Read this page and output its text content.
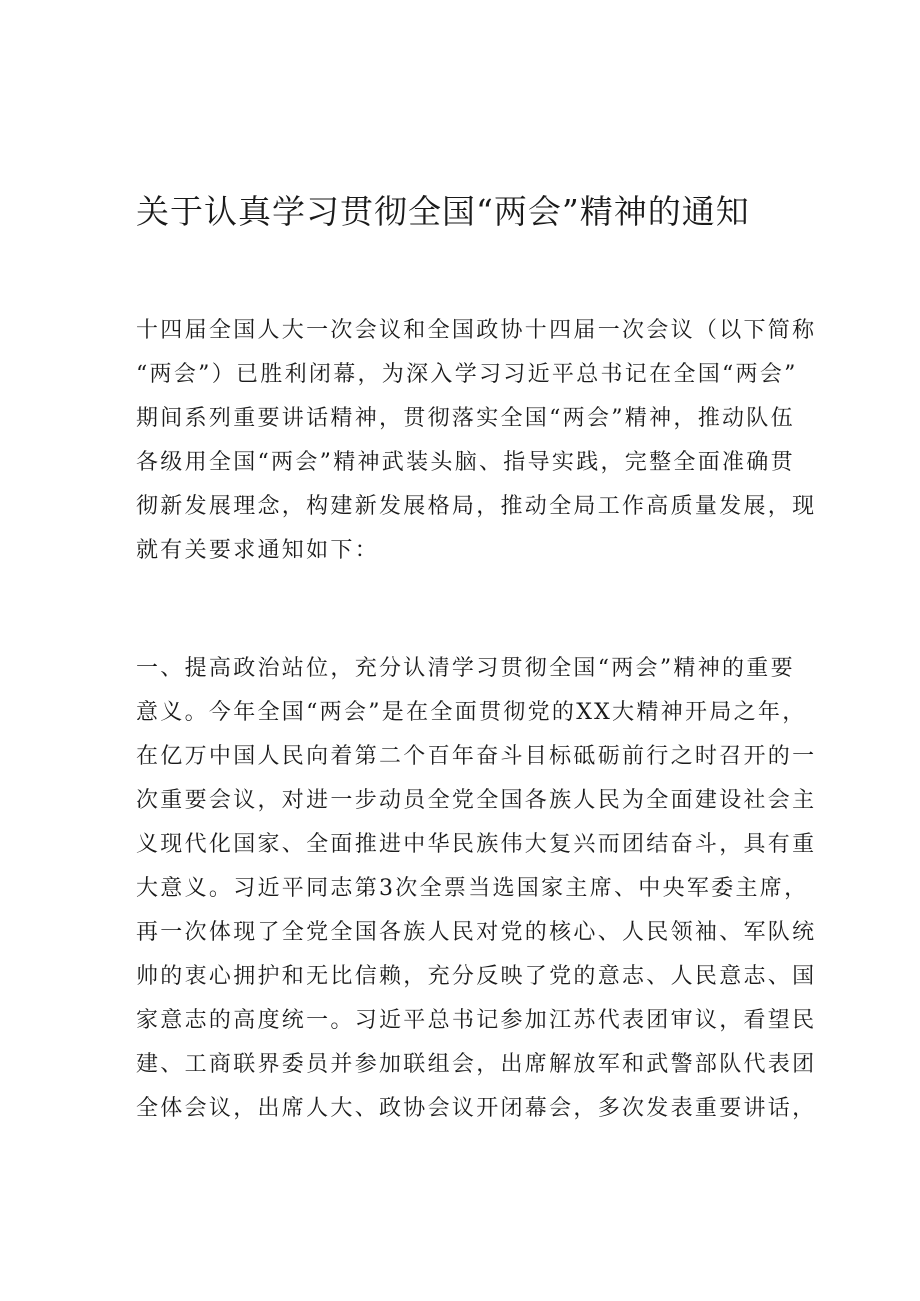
关于认真学习贯彻全国“两会”精神的通知

十四届全国人大一次会议和全国政协十四届一次会议（以下简称
“两会”）已胜利闭幕，为深入学习习近平总书记在全国“两会”
期间系列重要讲话精神，贯彻落实全国“两会”精神，推动队伍
各级用全国“两会”精神武装头脑、指导实践，完整全面准确贯
彻新发展理念，构建新发展格局，推动全局工作高质量发展，现
就有关要求通知如下：

一、提高政治站位，充分认清学习贯彻全国“两会”精神的重要
意义。今年全国“两会”是在全面贯彻党的XX大精神开局之年，
在亿万中国人民向着第二个百年奋斗目标砥砺前行之时召开的一
次重要会议，对进一步动员全党全国各族人民为全面建设社会主
义现代化国家、全面推进中华民族伟大复兴而团结奋斗，具有重
大意义。习近平同志第3次全票当选国家主席、中央军委主席，
再一次体现了全党全国各族人民对党的核心、人民领袖、军队统
帅的衷心拥护和无比信赖，充分反映了党的意志、人民意志、国
家意志的高度统一。习近平总书记参加江苏代表团审议，看望民
建、工商联界委员并参加联组会，出席解放军和武警部队代表团
全体会议，出席人大、政协会议开闭幕会，多次发表重要讲话，
